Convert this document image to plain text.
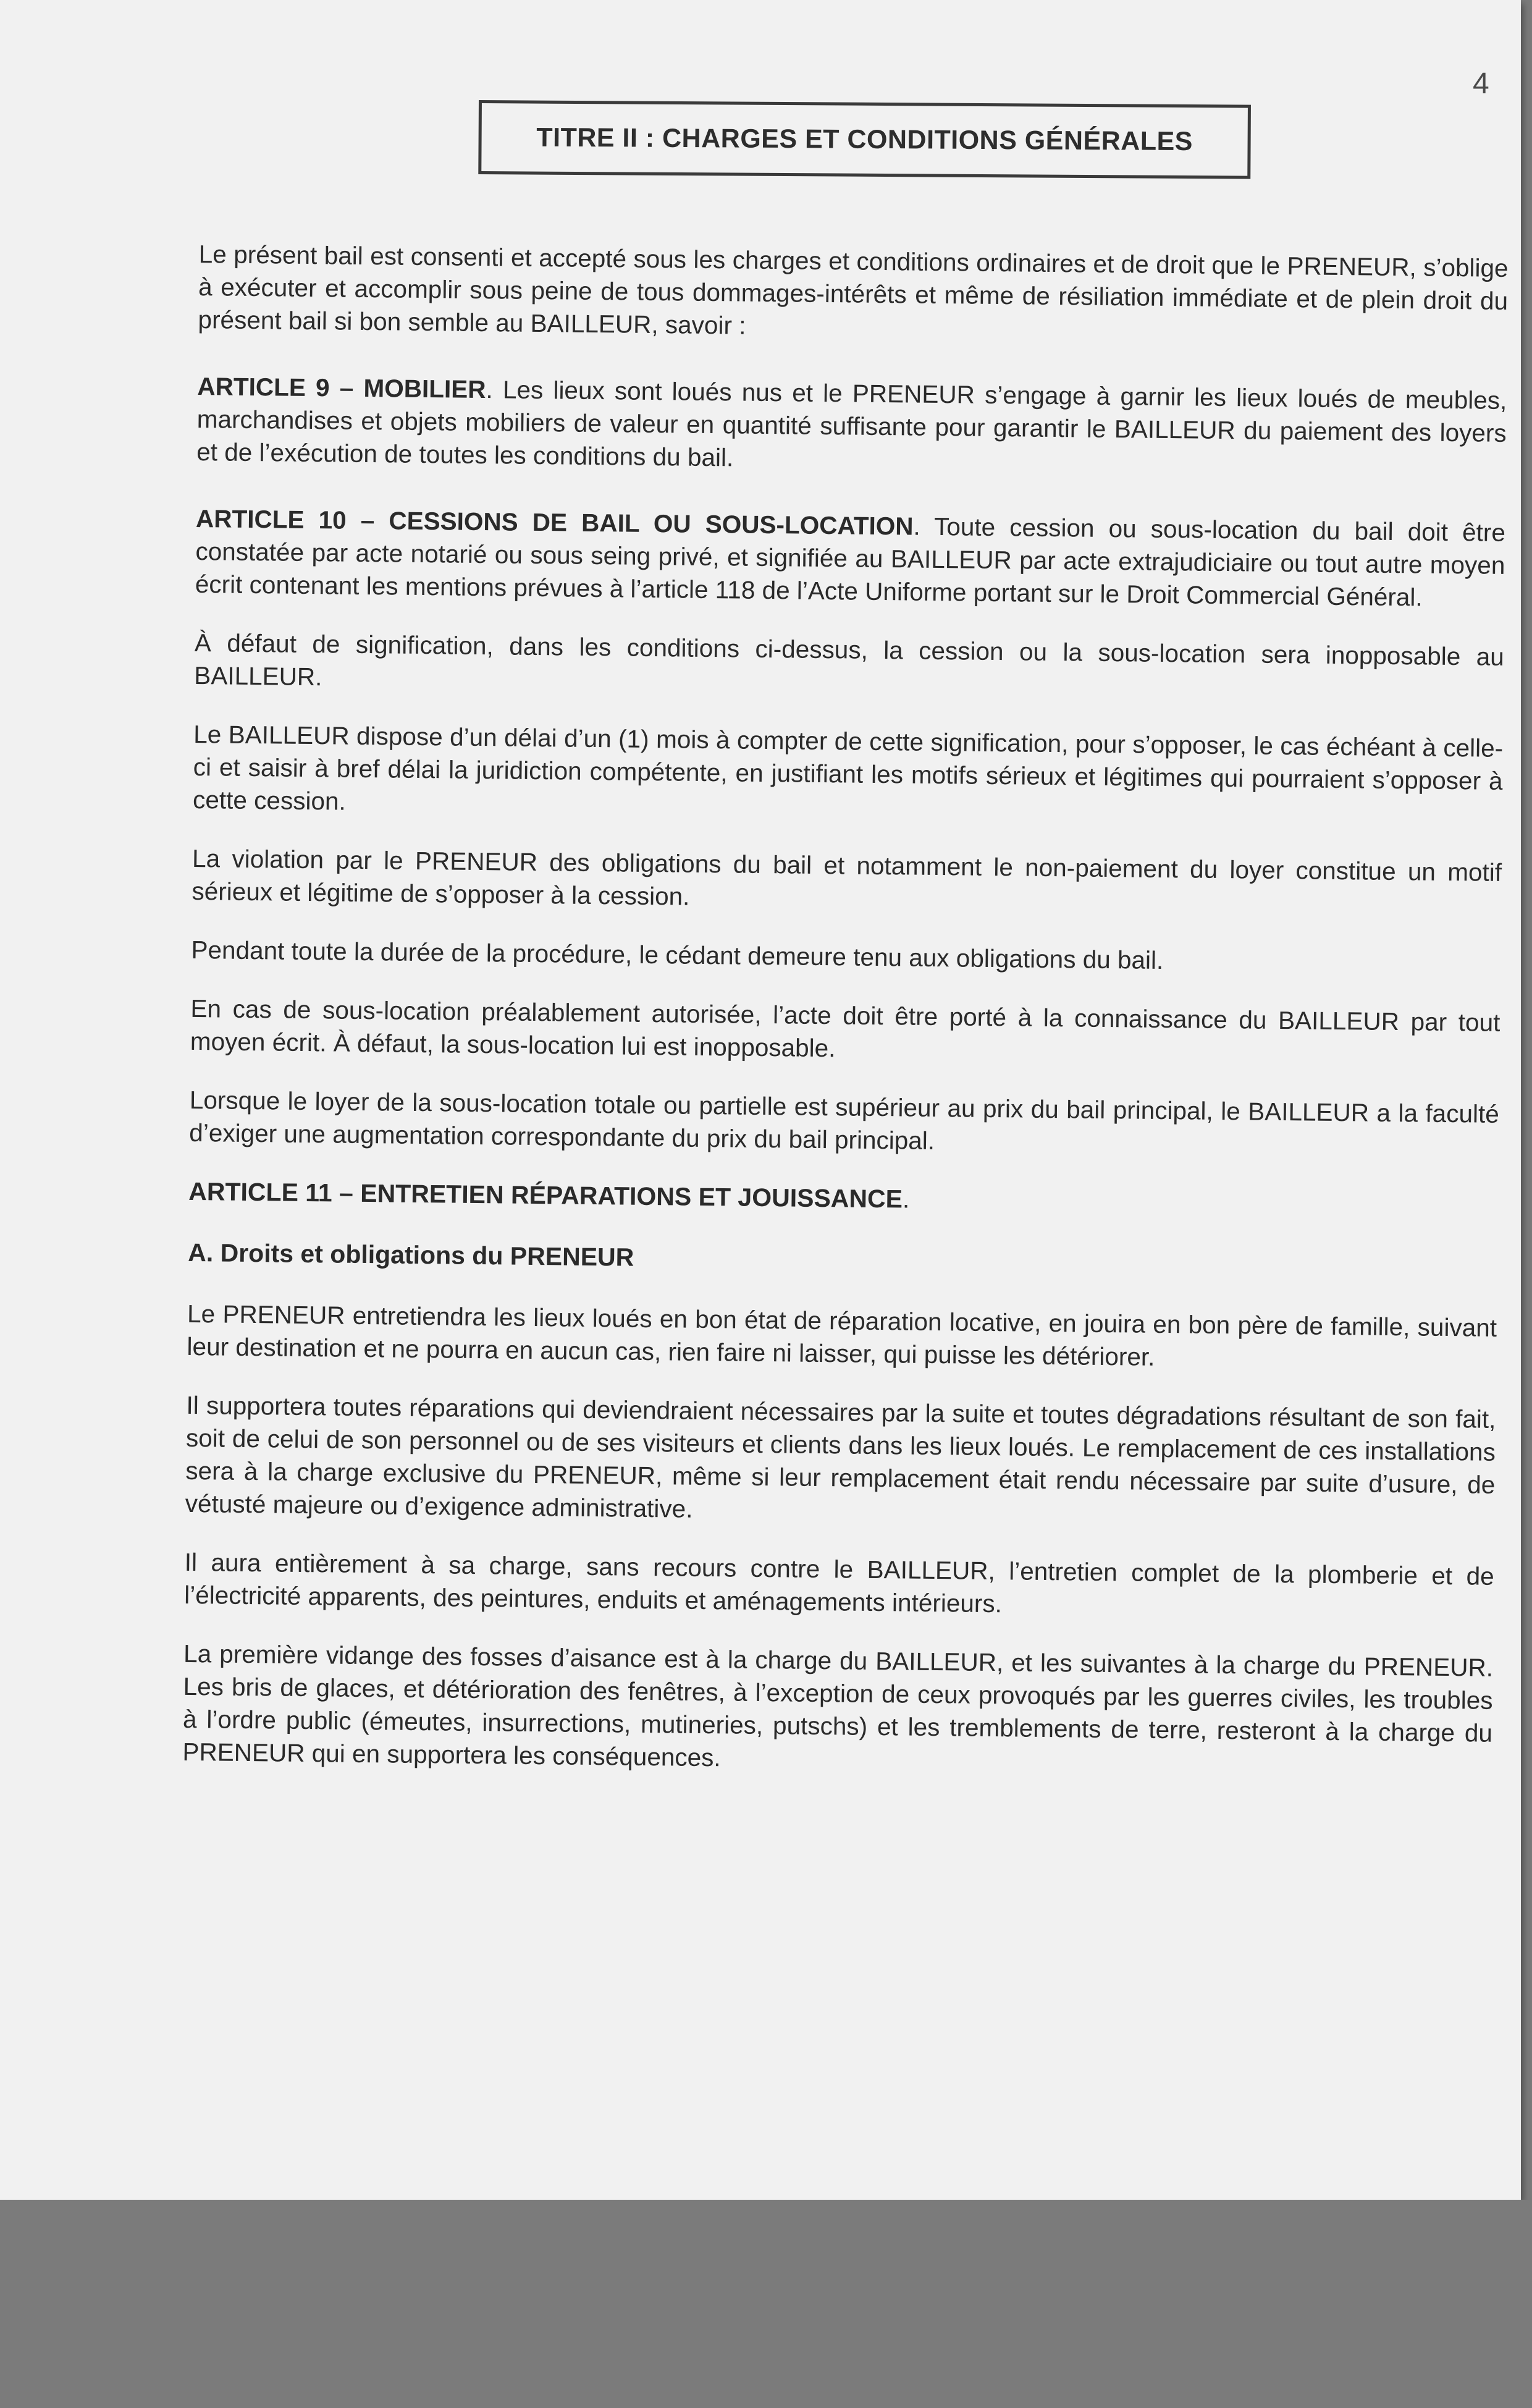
4
TITRE II : CHARGES ET CONDITIONS GÉNÉRALES

Le présent bail est consenti et accepté sous les charges et conditions ordinaires et de droit que le PRENEUR, s’oblige à exécuter et accomplir sous peine de tous dommages-intérêts et même de résiliation immédiate et de plein droit du présent bail si bon semble au BAILLEUR, savoir :

ARTICLE 9 – MOBILIER. Les lieux sont loués nus et le PRENEUR s’engage à garnir les lieux loués de meubles, marchandises et objets mobiliers de valeur en quantité suffisante pour garantir le BAILLEUR du paiement des loyers et de l’exécution de toutes les conditions du bail.

ARTICLE 10 – CESSIONS DE BAIL OU SOUS-LOCATION. Toute cession ou sous-location du bail doit être constatée par acte notarié ou sous seing privé, et signifiée au BAILLEUR par acte extrajudiciaire ou tout autre moyen écrit contenant les mentions prévues à l’article 118 de l’Acte Uniforme portant sur le Droit Commercial Général.

À défaut de signification, dans les conditions ci-dessus, la cession ou la sous-location sera inopposable au BAILLEUR.

Le BAILLEUR dispose d’un délai d’un (1) mois à compter de cette signification, pour s’opposer, le cas échéant à celle-ci et saisir à bref délai la juridiction compétente, en justifiant les motifs sérieux et légitimes qui pourraient s’opposer à cette cession.

La violation par le PRENEUR des obligations du bail et notamment le non-paiement du loyer constitue un motif sérieux et légitime de s’opposer à la cession.

Pendant toute la durée de la procédure, le cédant demeure tenu aux obligations du bail.

En cas de sous-location préalablement autorisée, l’acte doit être porté à la connaissance du BAILLEUR par tout moyen écrit. À défaut, la sous-location lui est inopposable.

Lorsque le loyer de la sous-location totale ou partielle est supérieur au prix du bail principal, le BAILLEUR a la faculté d’exiger une augmentation correspondante du prix du bail principal.

ARTICLE 11 – ENTRETIEN RÉPARATIONS ET JOUISSANCE.
A. Droits et obligations du PRENEUR

Le PRENEUR entretiendra les lieux loués en bon état de réparation locative, en jouira en bon père de famille, suivant leur destination et ne pourra en aucun cas, rien faire ni laisser, qui puisse les détériorer.

Il supportera toutes réparations qui deviendraient nécessaires par la suite et toutes dégradations résultant de son fait, soit de celui de son personnel ou de ses visiteurs et clients dans les lieux loués. Le remplacement de ces installations sera à la charge exclusive du PRENEUR, même si leur remplacement était rendu nécessaire par suite d’usure, de vétusté majeure ou d’exigence administrative.

Il aura entièrement à sa charge, sans recours contre le BAILLEUR, l’entretien complet de la plomberie et de l’électricité apparents, des peintures, enduits et aménagements intérieurs.

La première vidange des fosses d’aisance est à la charge du BAILLEUR, et les suivantes à la charge du PRENEUR. Les bris de glaces, et détérioration des fenêtres, à l’exception de ceux provoqués par les guerres civiles, les troubles à l’ordre public (émeutes, insurrections, mutineries, putschs) et les tremblements de terre, resteront à la charge du PRENEUR qui en supportera les conséquences.
